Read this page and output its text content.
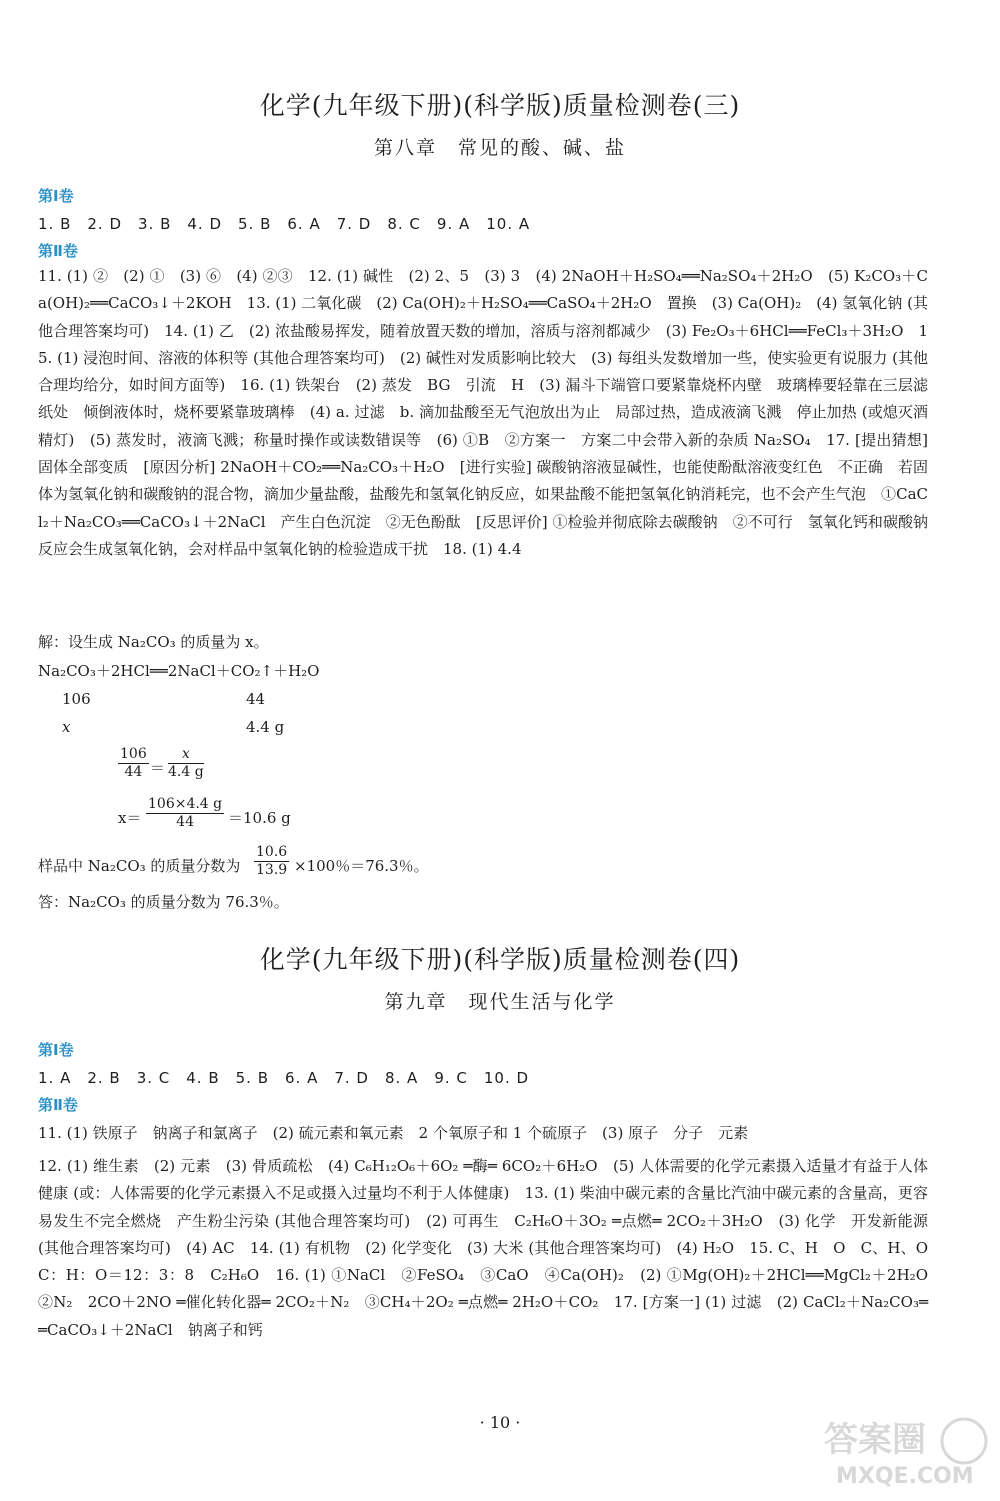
化学(九年级下册)(科学版)质量检测卷(三)
第八章　常见的酸、碱、盐
第Ⅰ卷
1. B　2. D　3. B　4. D　5. B　6. A　7. D　8. C　9. A　10. A
第Ⅱ卷
11. (1) ②　(2) ①　(3) ⑥　(4) ②③　12. (1) 碱性　(2) 2、5　(3) 3　(4) 2NaOH＋H₂SO₄══Na₂SO₄＋2H₂O　(5) K₂CO₃＋Ca(OH)₂══CaCO₃↓＋2KOH　13. (1) 二氧化碳　(2) Ca(OH)₂＋H₂SO₄══CaSO₄＋2H₂O　置换　(3) Ca(OH)₂　(4) 氢氧化钠 (其他合理答案均可)　14. (1) 乙　(2) 浓盐酸易挥发，随着放置天数的增加，溶质与溶剂都减少　(3) Fe₂O₃＋6HCl══FeCl₃＋3H₂O　15. (1) 浸泡时间、溶液的体积等 (其他合理答案均可)　(2) 碱性对发质影响比较大　(3) 每组头发数增加一些，使实验更有说服力 (其他合理均给分，如时间方面等)　16. (1) 铁架台　(2) 蒸发　BG　引流　H　(3) 漏斗下端管口要紧靠烧杯内壁　玻璃棒要轻靠在三层滤纸处　倾倒液体时，烧杯要紧靠玻璃棒　(4) a. 过滤　b. 滴加盐酸至无气泡放出为止　局部过热，造成液滴飞溅　停止加热 (或熄灭酒精灯)　(5) 蒸发时，液滴飞溅；称量时操作或读数错误等　(6) ①B　②方案一　方案二中会带入新的杂质 Na₂SO₄　17. [提出猜想] 固体全部变质　[原因分析] 2NaOH＋CO₂══Na₂CO₃＋H₂O　[进行实验] 碳酸钠溶液显碱性，也能使酚酞溶液变红色　不正确　若固体为氢氧化钠和碳酸钠的混合物，滴加少量盐酸，盐酸先和氢氧化钠反应，如果盐酸不能把氢氧化钠消耗完，也不会产生气泡　①CaCl₂＋Na₂CO₃══CaCO₃↓＋2NaCl　产生白色沉淀　②无色酚酞　[反思评价] ①检验并彻底除去碳酸钠　②不可行　氢氧化钙和碳酸钠反应会生成氢氧化钠，会对样品中氢氧化钠的检验造成干扰　18. (1) 4.4
解：设生成 Na₂CO₃ 的质量为 x。
Na₂CO₃＋2HCl══2NaCl＋CO₂↑＋H₂O
106	44
x	4.4 g
$\frac{106}{44} = \frac{x}{4.4 g}$
$x= \frac{106\times 4.4 g}{44} =10.6$ g
样品中 Na₂CO₃ 的质量分数为 $\frac{10.6}{13.9} \times 100$％＝76.3％。
答：Na₂CO₃ 的质量分数为 76.3％。
化学(九年级下册)(科学版)质量检测卷(四)
第九章　现代生活与化学
第Ⅰ卷
1. A　2. B　3. C　4. B　5. B　6. A　7. D　8. A　9. C　10. D
第Ⅱ卷
11. (1) 铁原子　钠离子和氯离子　(2) 硫元素和氧元素　2 个氧原子和 1 个硫原子　(3) 原子　分子　元素
12. (1) 维生素　(2) 元素　(3) 骨质疏松　(4) C₆H₁₂O₆＋6O₂ ═酶═ 6CO₂＋6H₂O　(5) 人体需要的化学元素摄入适量才有益于人体健康 (或：人体需要的化学元素摄入不足或摄入过量均不利于人体健康)　13. (1) 柴油中碳元素的含量比汽油中碳元素的含量高，更容易发生不完全燃烧　产生粉尘污染 (其他合理答案均可)　(2) 可再生　C₂H₆O＋3O₂ ═点燃═ 2CO₂＋3H₂O　(3) 化学　开发新能源 (其他合理答案均可)　(4) AC　14. (1) 有机物　(2) 化学变化　(3) 大米 (其他合理答案均可)　(4) H₂O　15. C、H　O　C、H、O　C：H：O＝12：3：8　C₂H₆O　16. (1) ①NaCl　②FeSO₄　③CaO　④Ca(OH)₂　(2) ①Mg(OH)₂＋2HCl══MgCl₂＋2H₂O　②N₂　2CO＋2NO ═催化转化器═ 2CO₂＋N₂　③CH₄＋2O₂ ═点燃═ 2H₂O＋CO₂　17. [方案一] (1) 过滤　(2) CaCl₂＋Na₂CO₃══CaCO₃↓＋2NaCl　钠离子和钙
· 10 ·	答案圈
MXQE.COM
